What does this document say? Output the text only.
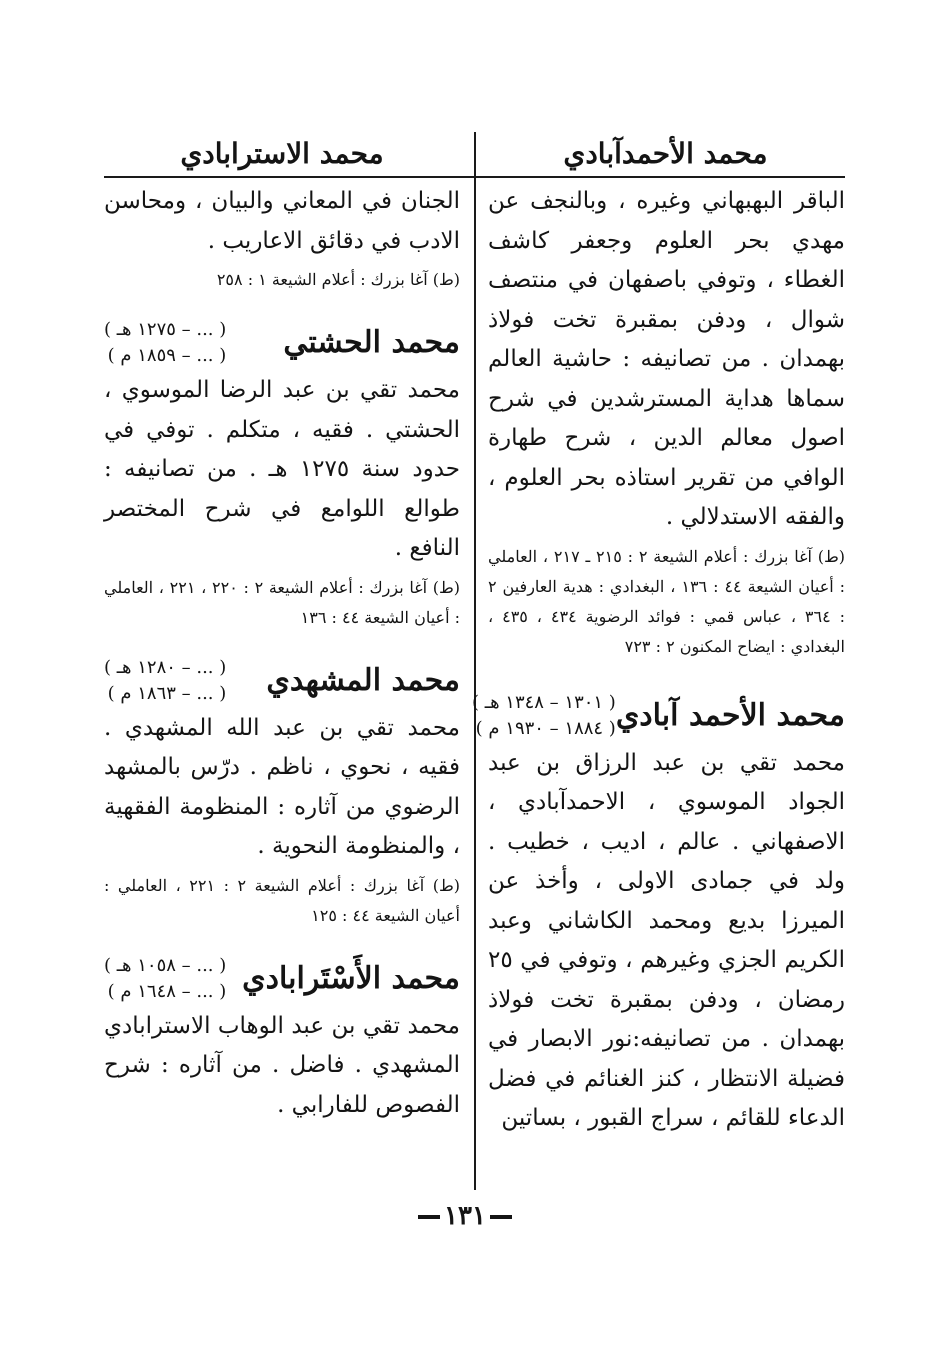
محمد الأحمدآبادي
محمد الاسترابادي

الباقر البهبهاني وغيره ، وبالنجف عن مهدي بحر العلوم وجعفر كاشف الغطاء ، وتوفي باصفهان في منتصف شوال ، ودفن بمقبرة تخت فولاذ بهمدان . من تصانيفه : حاشية العالم سماها هداية المسترشدين في شرح اصول معالم الدين ، شرح طهارة الوافي من تقرير استاذه بحر العلوم ، والفقه الاستدلالي .

(ط) آغا بزرك : أعلام الشيعة ٢ : ٢١٥ ـ ٢١٧ ، العاملي : أعيان الشيعة ٤٤ : ١٣٦ ، البغدادي : هدية العارفين ٢ : ٣٦٤ ، عباس قمي : فوائد الرضوية ٤٣٤ ، ٤٣٥ ، البغدادي : ايضاح المكنون ٢ : ٧٢٣

محمد الأحمد آبادي
( ١٣٠١ – ١٣٤٨ هـ )
( ١٨٨٤ – ١٩٣٠ م )

محمد تقي بن عبد الرزاق بن عبد الجواد الموسوي ، الاحمدآبادي ، الاصفهاني . عالم ، اديب ، خطيب . ولد في جمادى الاولى ، وأخذ عن الميرزا بديع ومحمد الكاشاني وعبد الكريم الجزي وغيرهم ، وتوفي في ٢٥ رمضان ، ودفن بمقبرة تخت فولاذ بهمدان . من تصانيفه:نور الابصار في فضيلة الانتظار ، كنز الغنائم في فضل الدعاء للقائم ، سراج القبور ، بساتين

الجنان في المعاني والبيان ، ومحاسن الادب في دقائق الاعاريب .

(ط) آغا بزرك : أعلام الشيعة ١ : ٢٥٨

محمد الحشتي
( ... – ١٢٧٥ هـ )
( ... – ١٨٥٩ م )

محمد تقي بن عبد الرضا الموسوي ، الحشتي . فقيه ، متكلم . توفي في حدود سنة ١٢٧٥ هـ . من تصانيفه : طوالع اللوامع في شرح المختصر النافع .

(ط) آغا بزرك : أعلام الشيعة ٢ : ٢٢٠ ، ٢٢١ ، العاملي : أعيان الشيعة ٤٤ : ١٣٦

محمد المشهدي
( ... – ١٢٨٠ هـ )
( ... – ١٨٦٣ م )

محمد تقي بن عبد الله المشهدي . فقيه ، نحوي ، ناظم . درّس بالمشهد الرضوي من آثاره : المنظومة الفقهية ، والمنظومة النحوية .

(ط) آغا بزرك : أعلام الشيعة ٢ : ٢٢١ ، العاملي : أعيان الشيعة ٤٤ : ١٢٥

محمد الأَسْتَرابادي
( ... – ١٠٥٨ هـ )
( ... – ١٦٤٨ م )

محمد تقي بن عبد الوهاب الاسترابادي المشهدي . فاضل . من آثاره : شرح الفصوص للفارابي .

١٣١
